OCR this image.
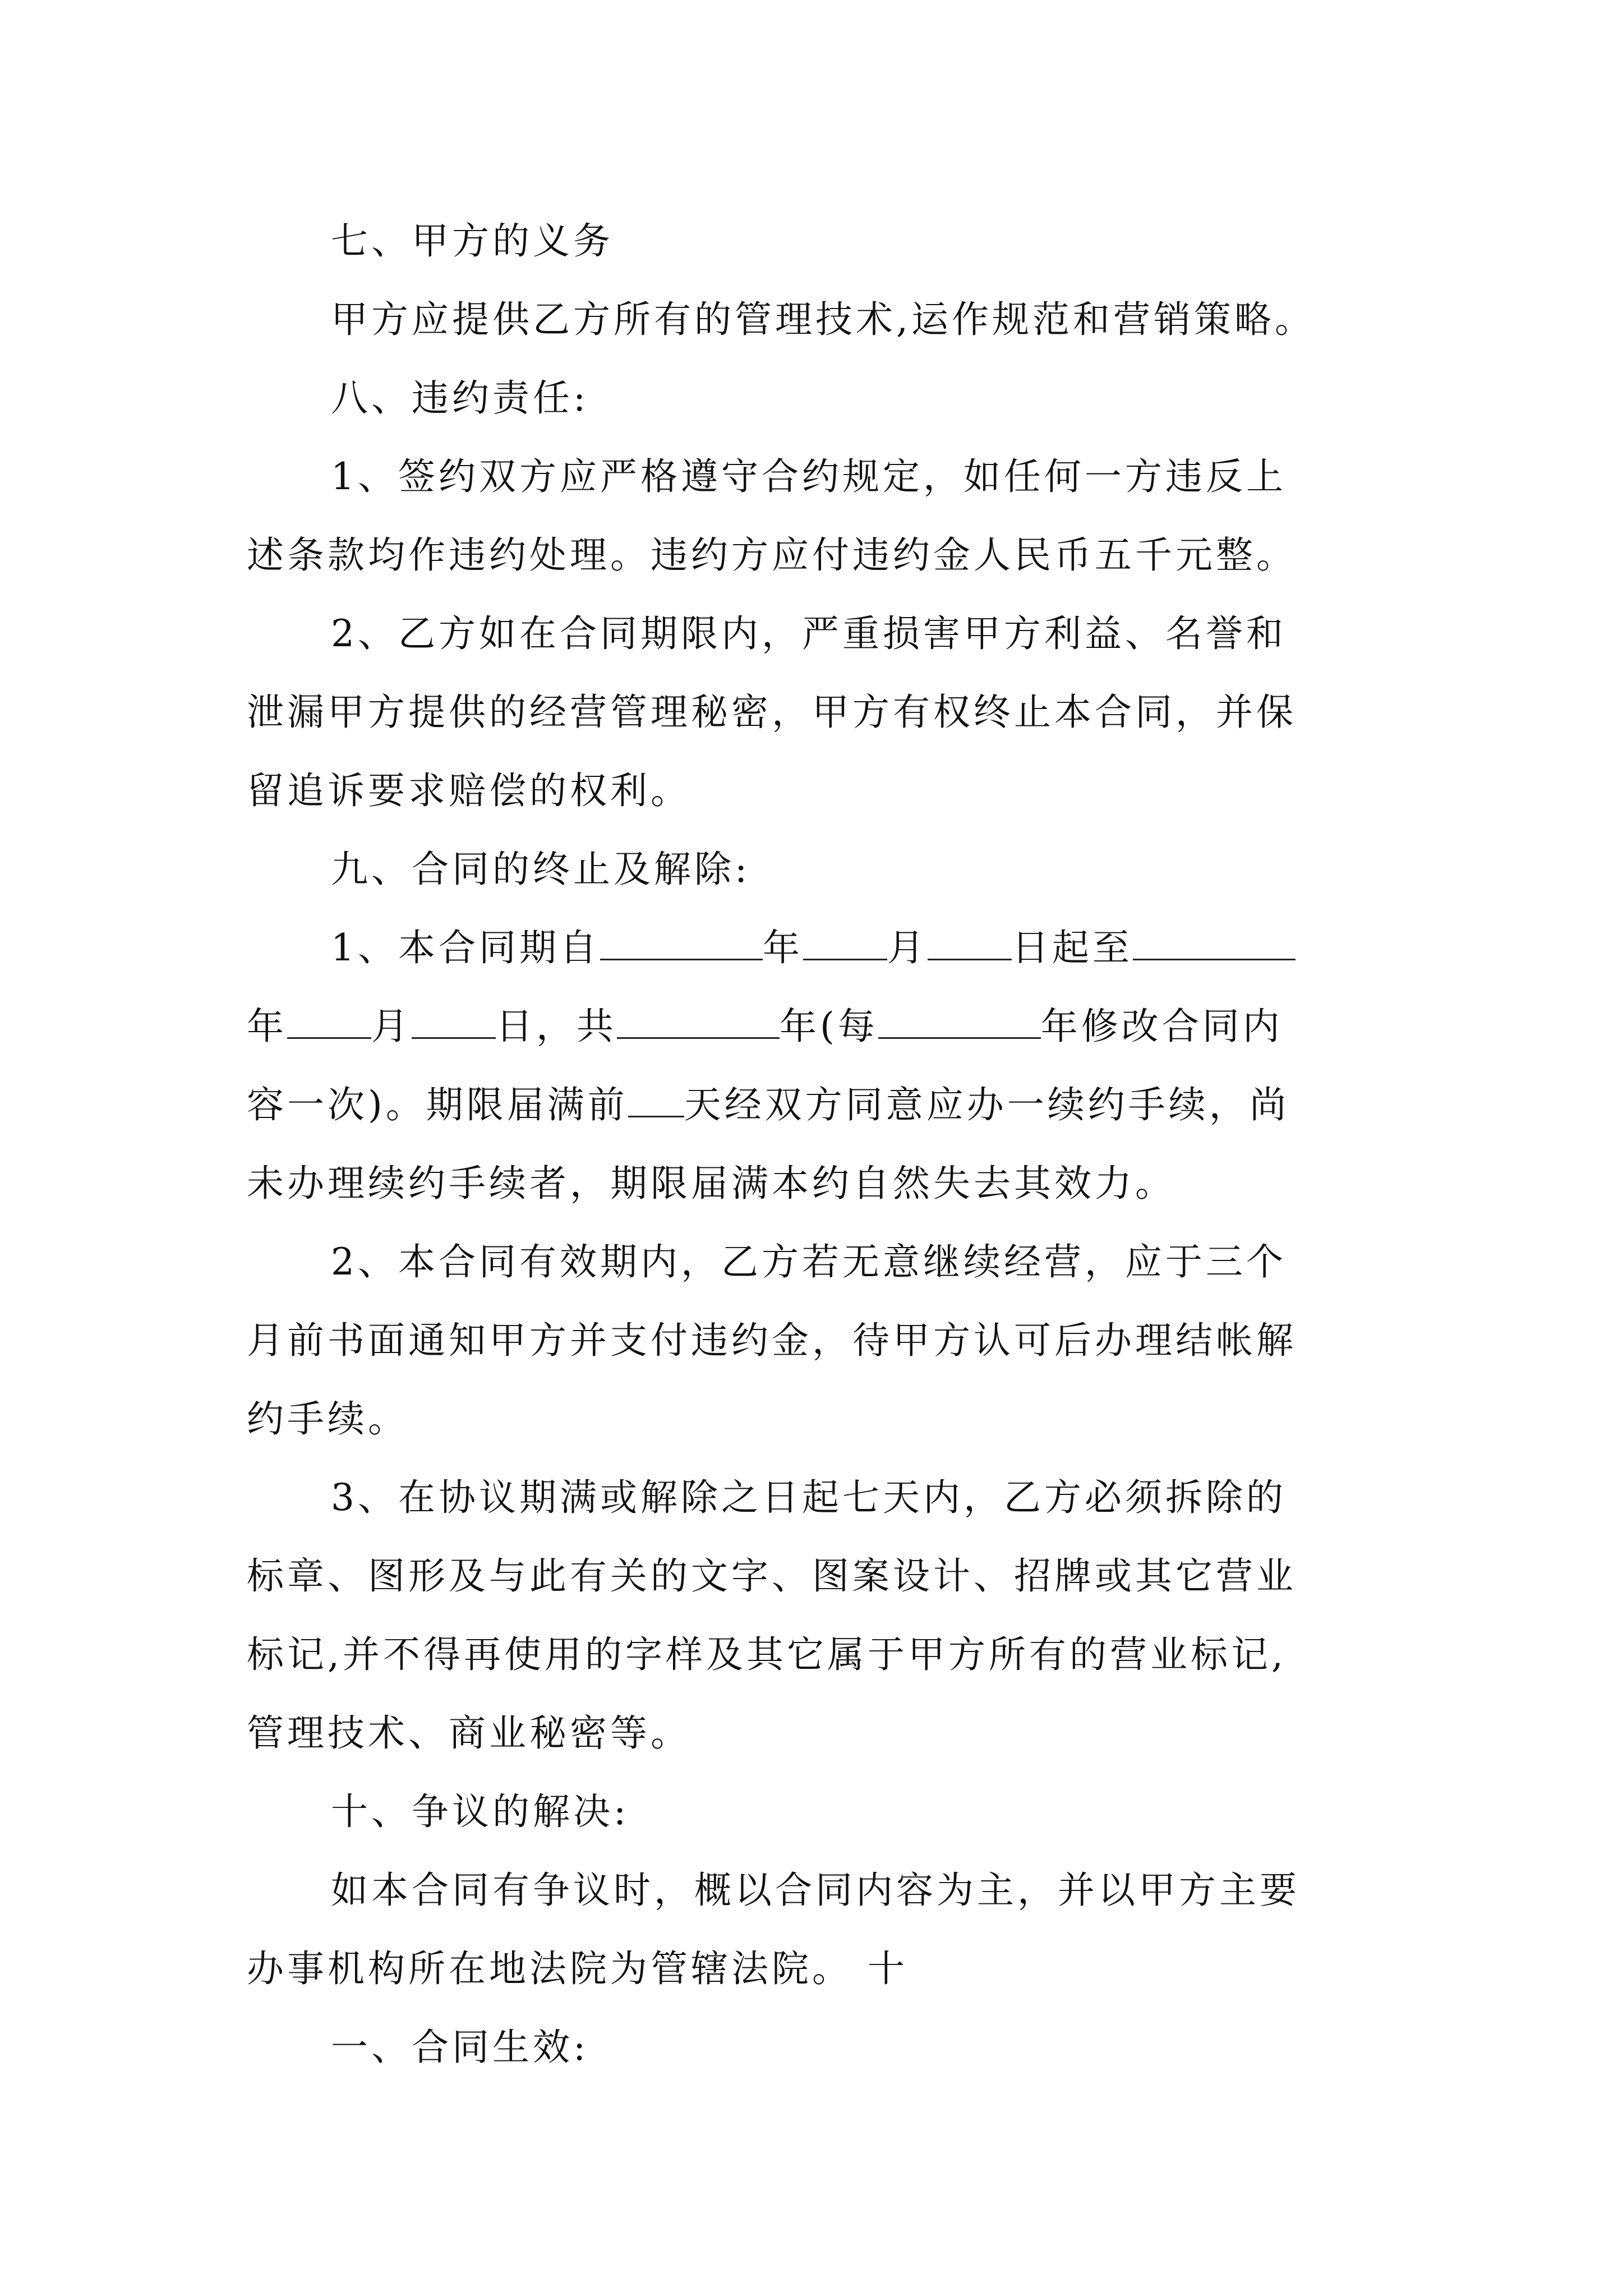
七、甲方的义务
甲方应提供乙方所有的管理技术,运作规范和营销策略。
八、违约责任:
1、签约双方应严格遵守合约规定，如任何一方违反上
述条款均作违约处理。违约方应付违约金人民币五千元整。
2、乙方如在合同期限内，严重损害甲方利益、名誉和
泄漏甲方提供的经营管理秘密，甲方有权终止本合同，并保
留追诉要求赔偿的权利。
九、合同的终止及解除:
1、本合同期自	年 月 日起至
年 月 日，共	年(每	年修改合同内
容一次)。期限届满前 天经双方同意应办一续约手续，尚
未办理续约手续者，期限届满本约自然失去其效力。
2、本合同有效期内，乙方若无意继续经营，应于三个
月前书面通知甲方并支付违约金，待甲方认可后办理结帐解
约手续。
3、在协议期满或解除之日起七天内，乙方必须拆除的
标章、图形及与此有关的文字、图案设计、招牌或其它营业
标记,并不得再使用的字样及其它属于甲方所有的营业标记,
管理技术、商业秘密等。
十、争议的解决:
如本合同有争议时，概以合同内容为主，并以甲方主要
办事机构所在地法院为管辖法院。 十
一、合同生效:
